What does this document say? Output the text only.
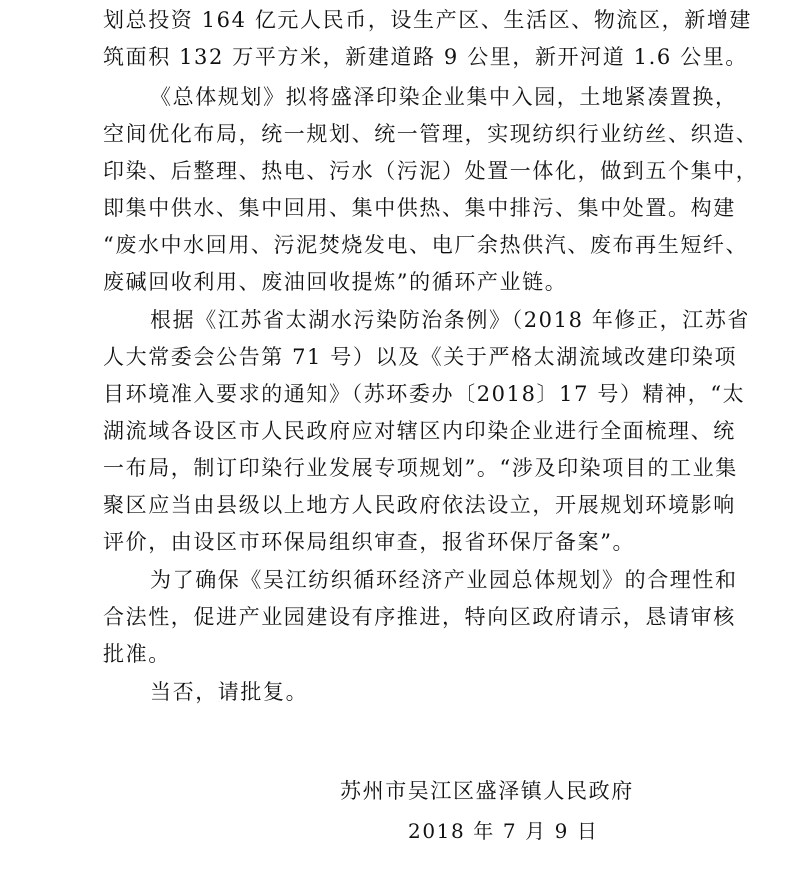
划总投资 164 亿元人民币，设生产区、生活区、物流区，新增建
筑面积 132 万平方米，新建道路 9 公里，新开河道 1.6 公里。
《总体规划》拟将盛泽印染企业集中入园，土地紧凑置换，
空间优化布局，统一规划、统一管理，实现纺织行业纺丝、织造、
印染、后整理、热电、污水（污泥）处置一体化，做到五个集中，
即集中供水、集中回用、集中供热、集中排污、集中处置。构建
“废水中水回用、污泥焚烧发电、电厂余热供汽、废布再生短纤、
废碱回收利用、废油回收提炼”的循环产业链。
根据《江苏省太湖水污染防治条例》（2018 年修正，江苏省
人大常委会公告第 71 号）以及《关于严格太湖流域改建印染项
目环境准入要求的通知》（苏环委办〔2018〕17 号）精神，“太
湖流域各设区市人民政府应对辖区内印染企业进行全面梳理、统
一布局，制订印染行业发展专项规划”。“涉及印染项目的工业集
聚区应当由县级以上地方人民政府依法设立，开展规划环境影响
评价，由设区市环保局组织审查，报省环保厅备案”。
为了确保《吴江纺织循环经济产业园总体规划》的合理性和
合法性，促进产业园建设有序推进，特向区政府请示，恳请审核
批准。
当否，请批复。
苏州市吴江区盛泽镇人民政府
2018 年 7 月 9 日
